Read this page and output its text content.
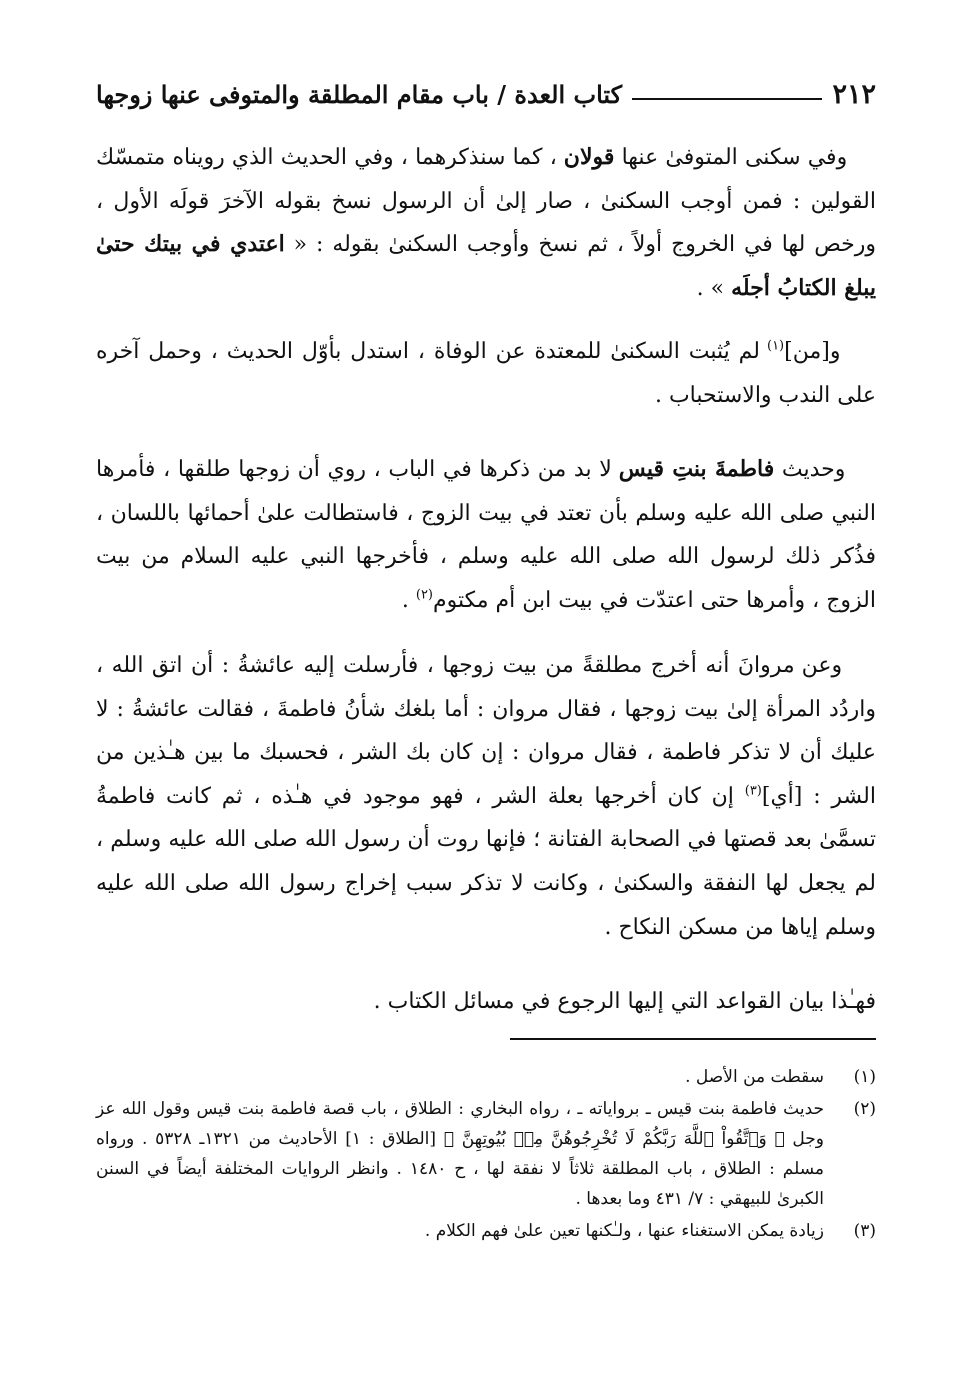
٢١٢
كتاب العدة / باب مقام المطلقة والمتوفى عنها زوجها

وفي سكنى المتوفىٰ عنها قولان ، كما سنذكرهما ، وفي الحديث الذي رويناه متمسّك القولين : فمن أوجب السكنىٰ ، صار إلىٰ أن الرسول نسخ بقوله الآخرَ قولَه الأول ، ورخص لها في الخروج أولاً ، ثم نسخ وأوجب السكنىٰ بقوله : « اعتدي في بيتك حتىٰ يبلغ الكتابُ أجلَه » .

و[من]$^{(١)}$ لم يُثبت السكنىٰ للمعتدة عن الوفاة ، استدل بأوّل الحديث ، وحمل آخره على الندب والاستحباب .

وحديث فاطمةَ بنتِ قيس لا بد من ذكرها في الباب ، روي أن زوجها طلقها ، فأمرها النبي صلى الله عليه وسلم بأن تعتد في بيت الزوج ، فاستطالت علىٰ أحمائها باللسان ، فذُكر ذلك لرسول الله صلى الله عليه وسلم ، فأخرجها النبي عليه السلام من بيت الزوج ، وأمرها حتى اعتدّت في بيت ابن أم مكتوم$^{(٢)}$ .

وعن مروانَ أنه أخرج مطلقةً من بيت زوجها ، فأرسلت إليه عائشةُ : أن اتق الله ، واردُد المرأة إلىٰ بيت زوجها ، فقال مروان : أما بلغك شأنُ فاطمةَ ، فقالت عائشةُ : لا عليك أن لا تذكر فاطمة ، فقال مروان : إن كان بك الشر ، فحسبك ما بين هـٰذين من الشر : [أي]$^{(٣)}$ إن كان أخرجها بعلة الشر ، فهو موجود في هـٰذه ، ثم كانت فاطمةُ تسمَّىٰ بعد قصتها في الصحابة الفتانة ؛ فإنها روت أن رسول الله صلى الله عليه وسلم ، لم يجعل لها النفقة والسكنىٰ ، وكانت لا تذكر سبب إخراج رسول الله صلى الله عليه وسلم إياها من مسكن النكاح .

فهـٰذا بيان القواعد التي إليها الرجوع في مسائل الكتاب .
(١)
سقطت من الأصل .
(٢)
حديث فاطمة بنت قيس ـ برواياته ـ ، رواه البخاري : الطلاق ، باب قصة فاطمة بنت قيس وقول الله عز وجل ﴿ وَٱتَّقُواْ ٱللَّهَ رَبَّكُمْ لَا تُخْرِجُوهُنَّ مِنۢ بُيُوتِهِنَّ ﴾ [الطلاق : ١] الأحاديث من ١٣٢١ـ ٥٣٢٨ . ورواه مسلم : الطلاق ، باب المطلقة ثلاثاً لا نفقة لها ، ح ١٤٨٠ . وانظر الروايات المختلفة أيضاً في السنن الكبرىٰ للبيهقي : ٧/ ٤٣١ وما بعدها .
(٣)
زيادة يمكن الاستغناء عنها ، ولـٰكنها تعين علىٰ فهم الكلام .
